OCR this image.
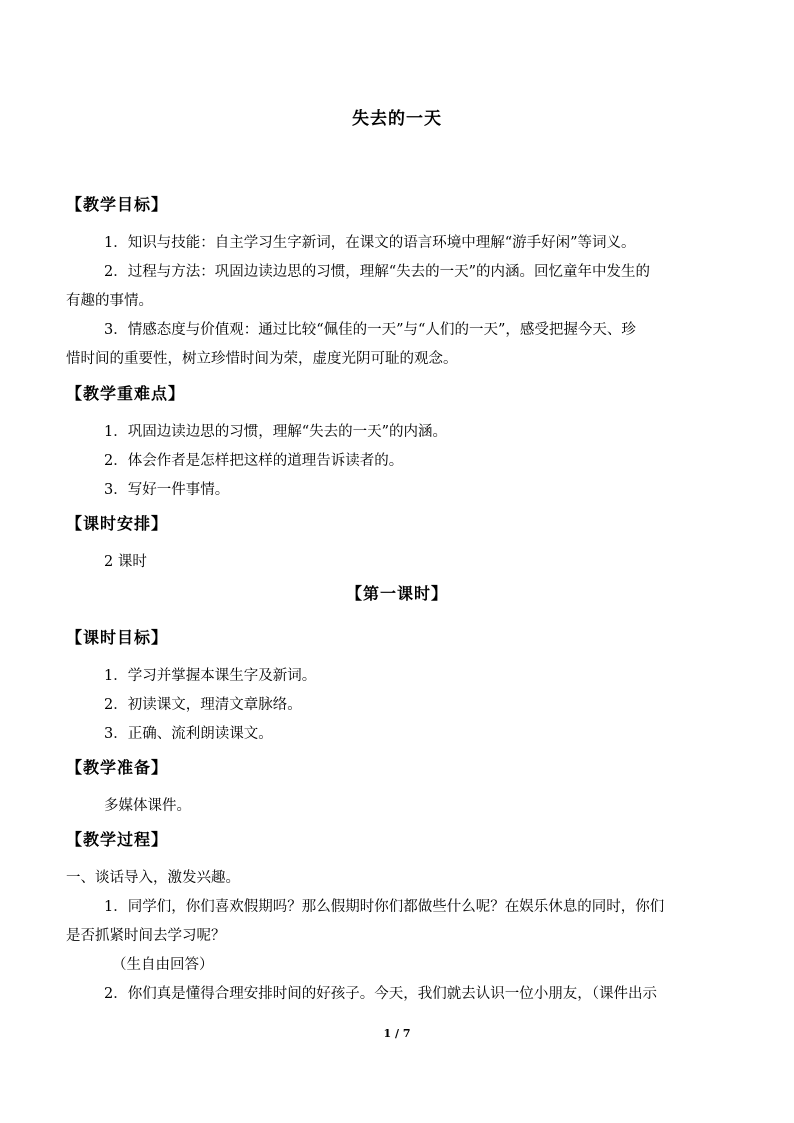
失去的一天
【教学目标】
1．知识与技能：自主学习生字新词，在课文的语言环境中理解“游手好闲”等词义。
2．过程与方法：巩固边读边思的习惯，理解“失去的一天”的内涵。回忆童年中发生的
有趣的事情。
3．情感态度与价值观：通过比较“佩佳的一天”与“人们的一天”，感受把握今天、珍
惜时间的重要性，树立珍惜时间为荣，虚度光阴可耻的观念。
【教学重难点】
1．巩固边读边思的习惯，理解“失去的一天”的内涵。
2．体会作者是怎样把这样的道理告诉读者的。
3．写好一件事情。
【课时安排】
2 课时
【第一课时】
【课时目标】
1．学习并掌握本课生字及新词。
2．初读课文，理清文章脉络。
3．正确、流利朗读课文。
【教学准备】
多媒体课件。
【教学过程】
一、谈话导入，激发兴趣。
1．同学们，你们喜欢假期吗？那么假期时你们都做些什么呢？在娱乐休息的同时，你们
是否抓紧时间去学习呢？
（生自由回答）
2．你们真是懂得合理安排时间的好孩子。今天，我们就去认识一位小朋友，（课件出示
1 / 7
